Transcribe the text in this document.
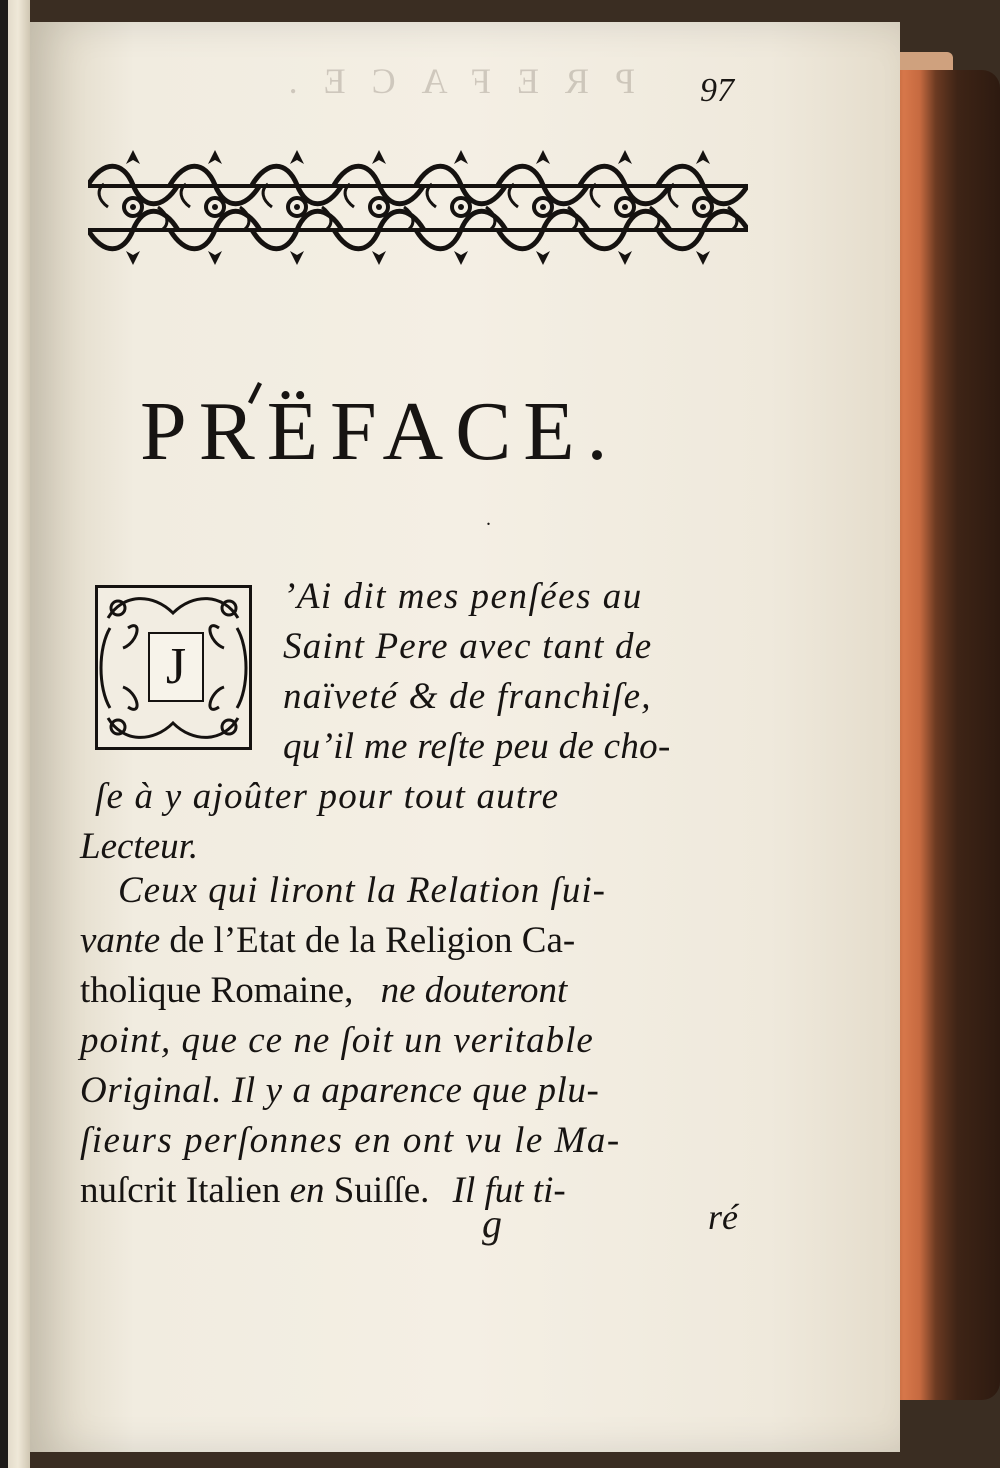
PREFACE. 97
PRËFACE.
.
J
’Ai dit mes penſées au
Saint Pere avec tant de
naïveté & de franchiſe,
qu’il me reſte peu de cho-
ſe à y ajoûter pour tout autre
Lecteur.
Ceux qui liront la Relation ſui-
vante de l’Etat de la Religion Ca-
tholique Romaine, ne douteront
point, que ce ne ſoit un veritable
Original. Il y a aparence que plu-
ſieurs perſonnes en ont vu le Ma-
nuſcrit Italien en Suiſſe. Il fut ti-
g	ré
